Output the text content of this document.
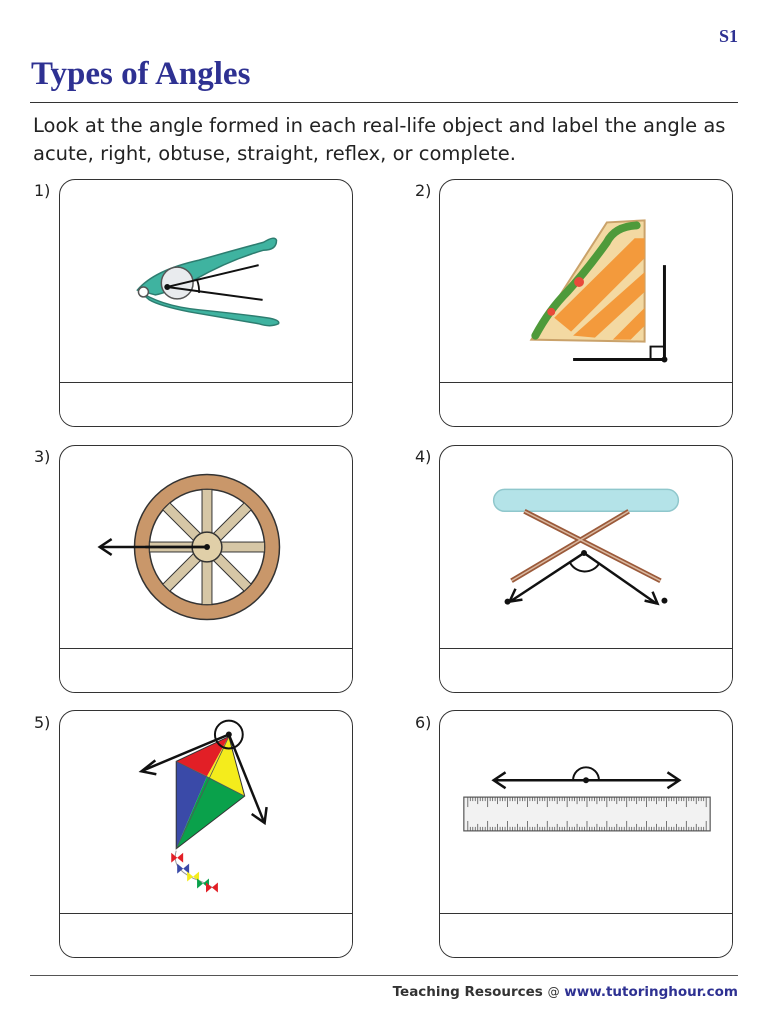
S1
Types of Angles

Look at the angle formed in each real-life object and label the angle as acute, right, obtuse, straight, reflex, or complete.

1)	2)
3)	4)
5)	6)
Teaching Resources @ www.tutoringhour.com
